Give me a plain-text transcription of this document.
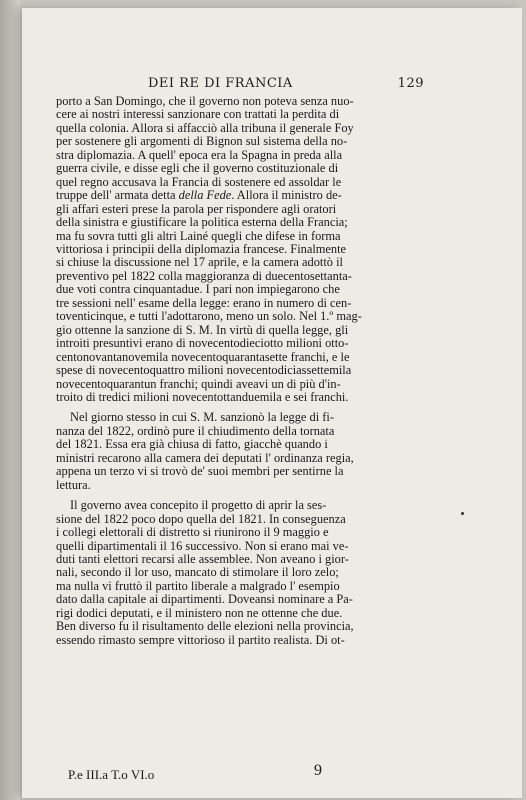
DEI RE DI FRANCIA	129
porto a San Domingo, che il governo non poteva senza nuo-
cere ai nostri interessi sanzionare con trattati la perdita di
quella colonia. Allora si affacciò alla tribuna il generale Foy
per sostenere gli argomenti di Bignon sul sistema della no-
stra diplomazia. A quell' epoca era la Spagna in preda alla
guerra civile, e disse egli che il governo costituzionale di
quel regno accusava la Francia di sostenere ed assoldar le
truppe dell' armata detta della Fede. Allora il ministro de-
gli affari esteri prese la parola per rispondere agli oratori
della sinistra e giustificare la politica esterna della Francia;
ma fu sovra tutti gli altri Lainé quegli che difese in forma
vittoriosa i principii della diplomazia francese. Finalmente
si chiuse la discussione nel 17 aprile, e la camera adottò il
preventivo pel 1822 colla maggioranza di duecentosettanta-
due voti contra cinquantadue. I pari non impiegarono che
tre sessioni nell' esame della legge: erano in numero di cen-
toventicinque, e tutti l'adottarono, meno un solo. Nel 1.º mag-
gio ottenne la sanzione di S. M. In virtù di quella legge, gli
introiti presuntivi erano di novecentodieciotto milioni otto-
centonovantanovemila novecentoquarantasette franchi, e le
spese di novecentoquattro milioni novecentodiciassettemila
novecentoquarantun franchi; quindi aveavi un di più d'in-
troito di tredici milioni novecentottanduemila e sei franchi.
Nel giorno stesso in cui S. M. sanzionò la legge di fi-
nanza del 1822, ordinò pure il chiudimento della tornata
del 1821. Essa era già chiusa di fatto, giacchè quando i
ministri recarono alla camera dei deputati l' ordinanza regia,
appena un terzo vi si trovò de' suoi membri per sentirne la
lettura.
Il governo avea concepito il progetto di aprir la ses-
sione del 1822 poco dopo quella del 1821. In conseguenza
i collegi elettorali di distretto si riunirono il 9 maggio e
quelli dipartimentali il 16 successivo. Non si erano mai ve-
duti tanti elettori recarsi alle assemblee. Non aveano i gior-
nali, secondo il lor uso, mancato di stimolare il loro zelo;
ma nulla vi fruttò il partito liberale a malgrado l' esempio
dato dalla capitale ai dipartimenti. Doveansi nominare a Pa-
rigi dodici deputati, e il ministero non ne ottenne che due.
Ben diverso fu il risultamento delle elezioni nella provincia,
essendo rimasto sempre vittorioso il partito realista. Di ot-
P.e III.a T.o VI.o	9
